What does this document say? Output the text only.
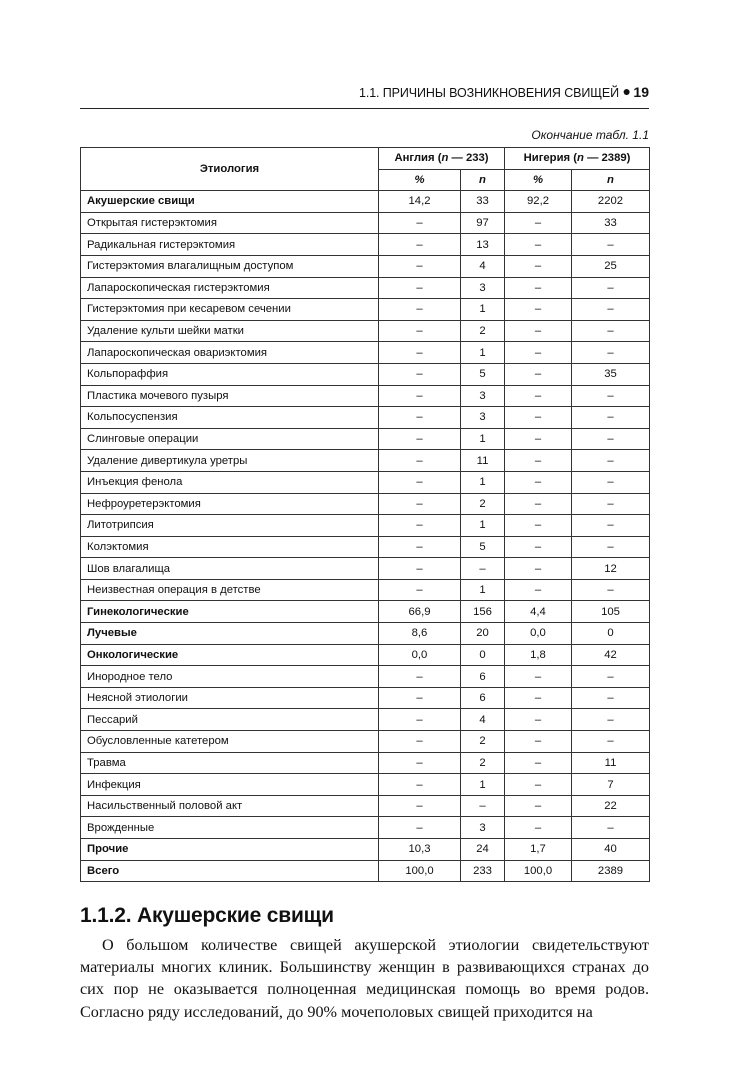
1.1. ПРИЧИНЫ ВОЗНИКНОВЕНИЯ СВИЩЕЙ ● 19
Окончание табл. 1.1
Этиология	Англия (n — 233)		Нигерия (n — 2389)	
	%	n	%	n
Акушерские свищи	14,2	33	92,2	2202
Открытая гистерэктомия	–	97	–	33
Радикальная гистерэктомия	–	13	–	–
Гистерэктомия влагалищным доступом	–	4	–	25
Лапароскопическая гистерэктомия	–	3	–	–
Гистерэктомия при кесаревом сечении	–	1	–	–
Удаление культи шейки матки	–	2	–	–
Лапароскопическая овариэктомия	–	1	–	–
Кольпораффия	–	5	–	35
Пластика мочевого пузыря	–	3	–	–
Кольпосуспензия	–	3	–	–
Слинговые операции	–	1	–	–
Удаление дивертикула уретры	–	11	–	–
Инъекция фенола	–	1	–	–
Нефроуретерэктомия	–	2	–	–
Литотрипсия	–	1	–	–
Колэктомия	–	5	–	–
Шов влагалища	–	–	–	12
Неизвестная операция в детстве	–	1	–	–
Гинекологические	66,9	156	4,4	105
Лучевые	8,6	20	0,0	0
Онкологические	0,0	0	1,8	42
Инородное тело	–	6	–	–
Неясной этиологии	–	6	–	–
Пессарий	–	4	–	–
Обусловленные катетером	–	2	–	–
Травма	–	2	–	11
Инфекция	–	1	–	7
Насильственный половой акт	–	–	–	22
Врожденные	–	3	–	–
Прочие	10,3	24	1,7	40
Всего	100,0	233	100,0	2389
1.1.2. Акушерские свищи

О большом количестве свищей акушерской этиологии свидетельствуют материалы многих клиник. Большинству женщин в развивающихся странах до сих пор не оказывается полноценная медицинская помощь во время родов. Согласно ряду исследований, до 90% мочеполовых свищей приходится на
